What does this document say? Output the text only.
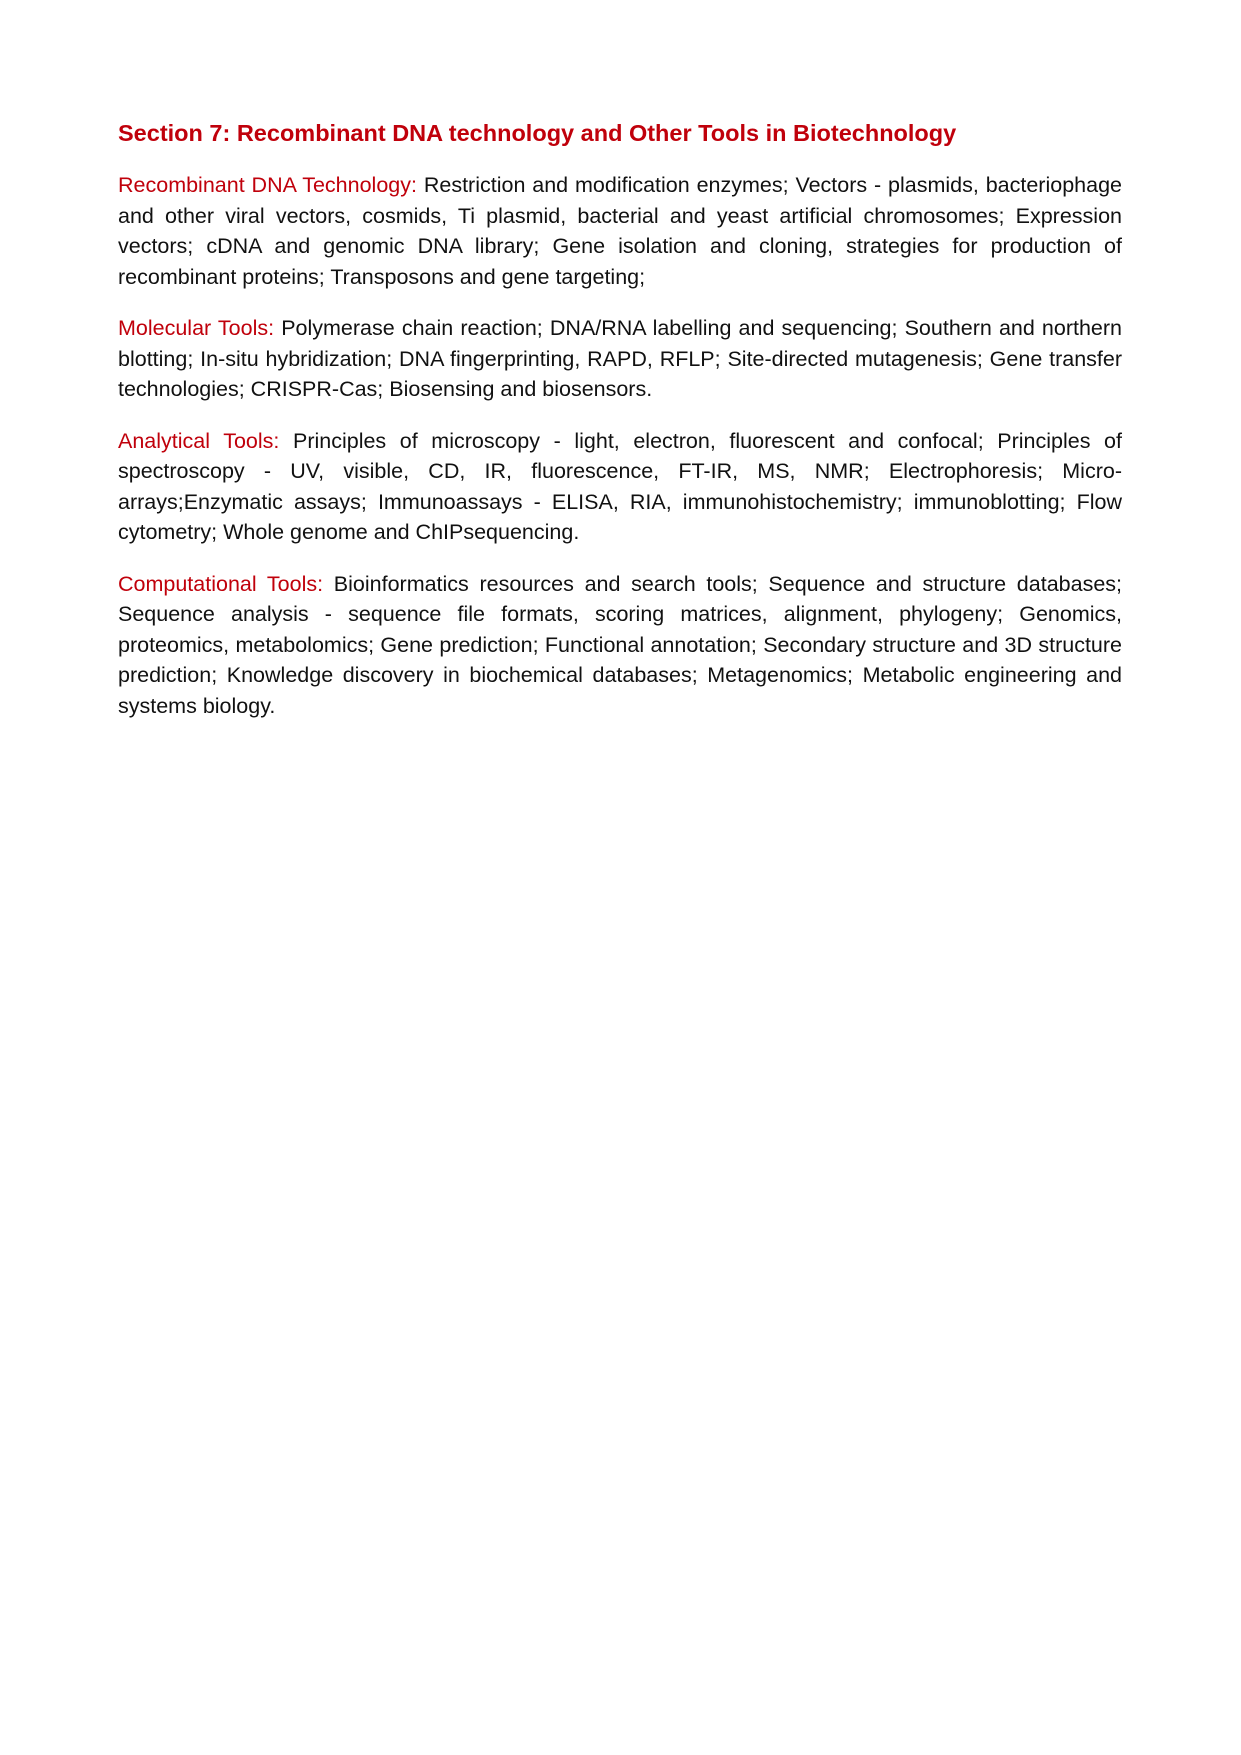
Section 7: Recombinant DNA technology and Other Tools in Biotechnology

Recombinant DNA Technology: Restriction and modification enzymes; Vectors - plasmids, bacteriophage and other viral vectors, cosmids, Ti plasmid, bacterial and yeast artificial chromosomes; Expression vectors; cDNA and genomic DNA library; Gene isolation and cloning, strategies for production of recombinant proteins; Transposons and gene targeting;

Molecular Tools: Polymerase chain reaction; DNA/RNA labelling and sequencing; Southern and northern blotting; In-situ hybridization; DNA fingerprinting, RAPD, RFLP; Site-directed mutagenesis; Gene transfer technologies; CRISPR-Cas; Biosensing and biosensors.

Analytical Tools: Principles of microscopy - light, electron, fluorescent and confocal; Principles of spectroscopy - UV, visible, CD, IR, fluorescence, FT-IR, MS, NMR; Electrophoresis; Micro-arrays;Enzymatic assays; Immunoassays - ELISA, RIA, immunohistochemistry; immunoblotting; Flow cytometry; Whole genome and ChIPsequencing.

Computational Tools: Bioinformatics resources and search tools; Sequence and structure databases; Sequence analysis - sequence file formats, scoring matrices, alignment, phylogeny; Genomics, proteomics, metabolomics; Gene prediction; Functional annotation; Secondary structure and 3D structure prediction; Knowledge discovery in biochemical databases; Metagenomics; Metabolic engineering and systems biology.
